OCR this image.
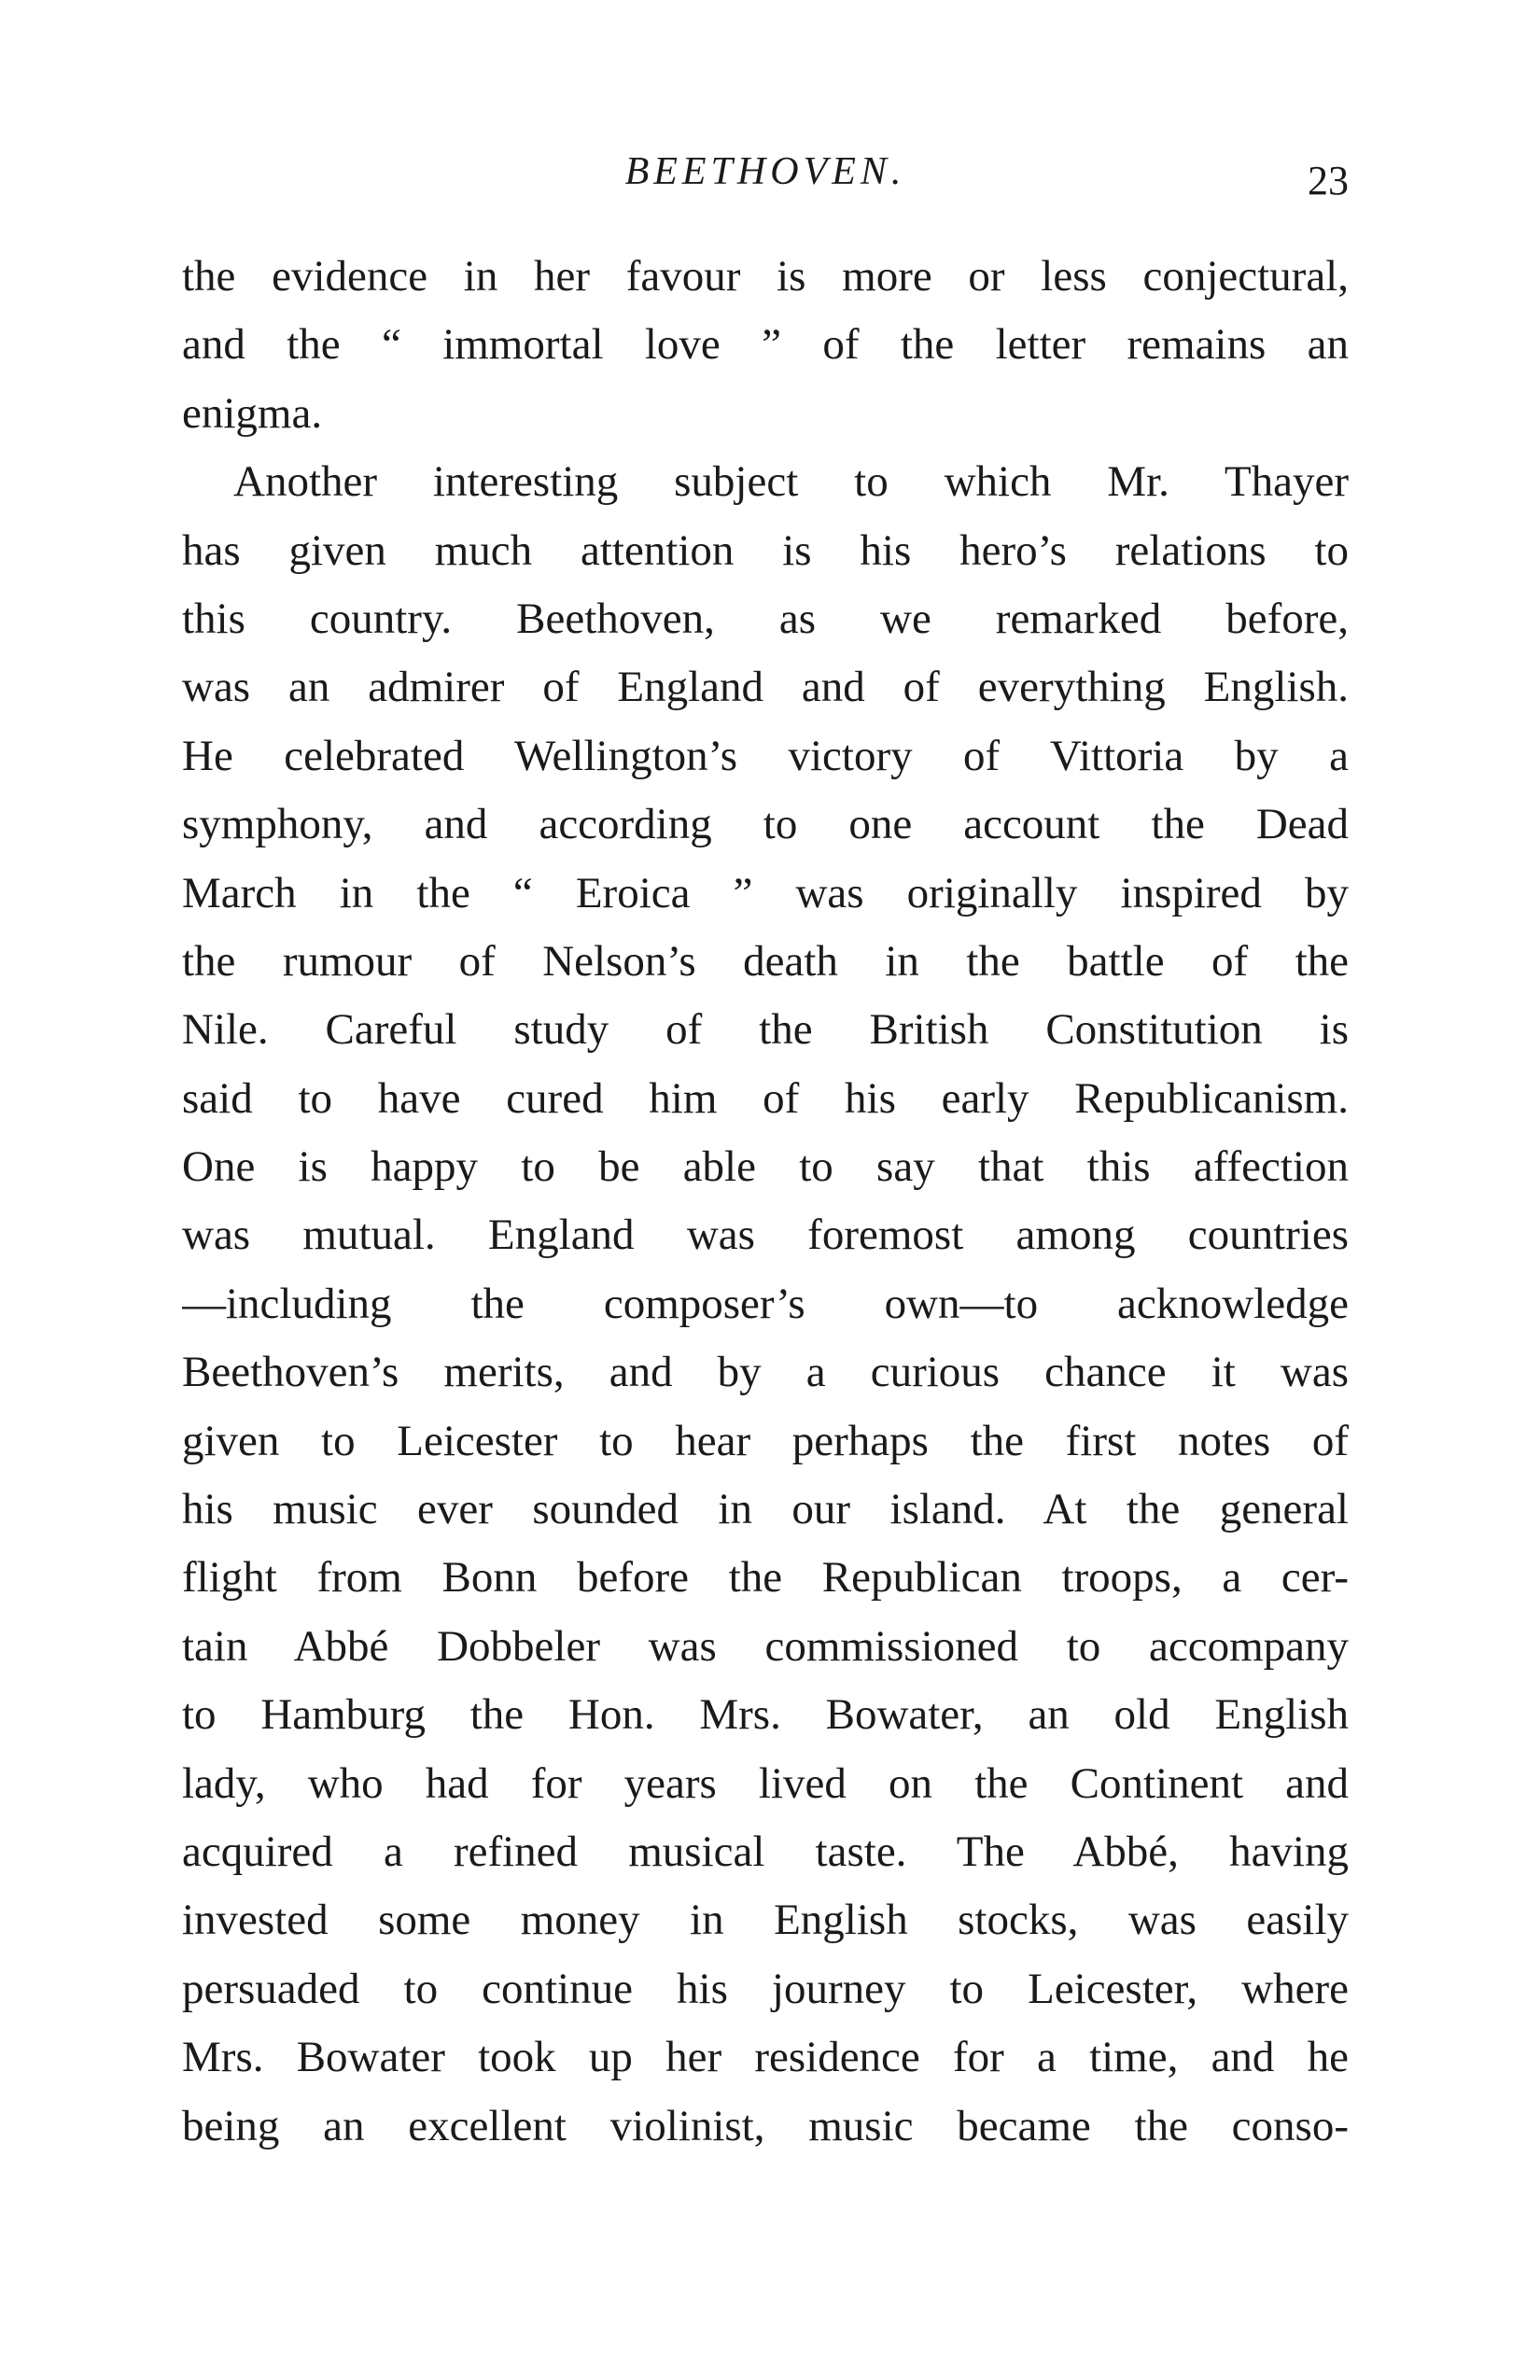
BEETHOVEN.	23
the evidence in her favour is more or less conjectural,
and the “ immortal love ” of the letter remains an
enigma.
Another interesting subject to which Mr. Thayer
has given much attention is his hero’s relations to
this country. Beethoven, as we remarked before,
was an admirer of England and of everything English.
He celebrated Wellington’s victory of Vittoria by a
symphony, and according to one account the Dead
March in the “ Eroica ” was originally inspired by
the rumour of Nelson’s death in the battle of the
Nile. Careful study of the British Constitution is
said to have cured him of his early Republicanism.
One is happy to be able to say that this affection
was mutual. England was foremost among countries
—including the composer’s own—to acknowledge
Beethoven’s merits, and by a curious chance it was
given to Leicester to hear perhaps the first notes of
his music ever sounded in our island. At the general
flight from Bonn before the Republican troops, a cer-
tain Abbé Dobbeler was commissioned to accompany
to Hamburg the Hon. Mrs. Bowater, an old English
lady, who had for years lived on the Continent and
acquired a refined musical taste. The Abbé, having
invested some money in English stocks, was easily
persuaded to continue his journey to Leicester, where
Mrs. Bowater took up her residence for a time, and he
being an excellent violinist, music became the conso-
